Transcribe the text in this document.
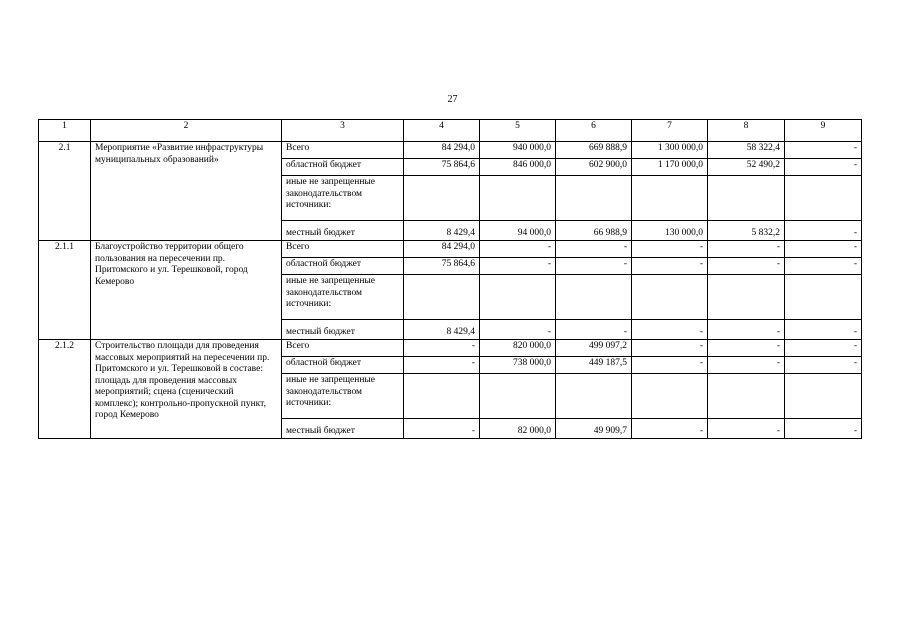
27
1	2	3	4	5	6	7	8	9
2.1	Мероприятие «Развитие инфраструктуры муниципальных образований»	Всего	84 294,0	940 000,0	669 888,9	1 300 000,0	58 322,4	-
		областной бюджет	75 864,6	846 000,0	602 900,0	1 170 000,0	52 490,2	-
		иные не запрещенные законодательством источники:						
		местный бюджет	8 429,4	94 000,0	66 988,9	130 000,0	5 832,2	-
2.1.1	Благоустройство территории общего пользования на пересечении пр. Притомского и ул. Терешковой, город Кемерово	Всего	84 294,0	-	-	-	-	-
		областной бюджет	75 864,6	-	-	-	-	-
		иные не запрещенные законодательством источники:						
		местный бюджет	8 429,4	-	-	-	-	-
2.1.2	Строительство площади для проведения массовых мероприятий на пересечении пр. Притомского и ул. Терешковой в составе: площадь для проведения массовых мероприятий; сцена (сценический комплекс); контрольно-пропускной пункт, город Кемерово	Всего	-	820 000,0	499 097,2	-	-	-
		областной бюджет	-	738 000,0	449 187,5	-	-	-
		иные не запрещенные законодательством источники:						
		местный бюджет	-	82 000,0	49 909,7	-	-	-
